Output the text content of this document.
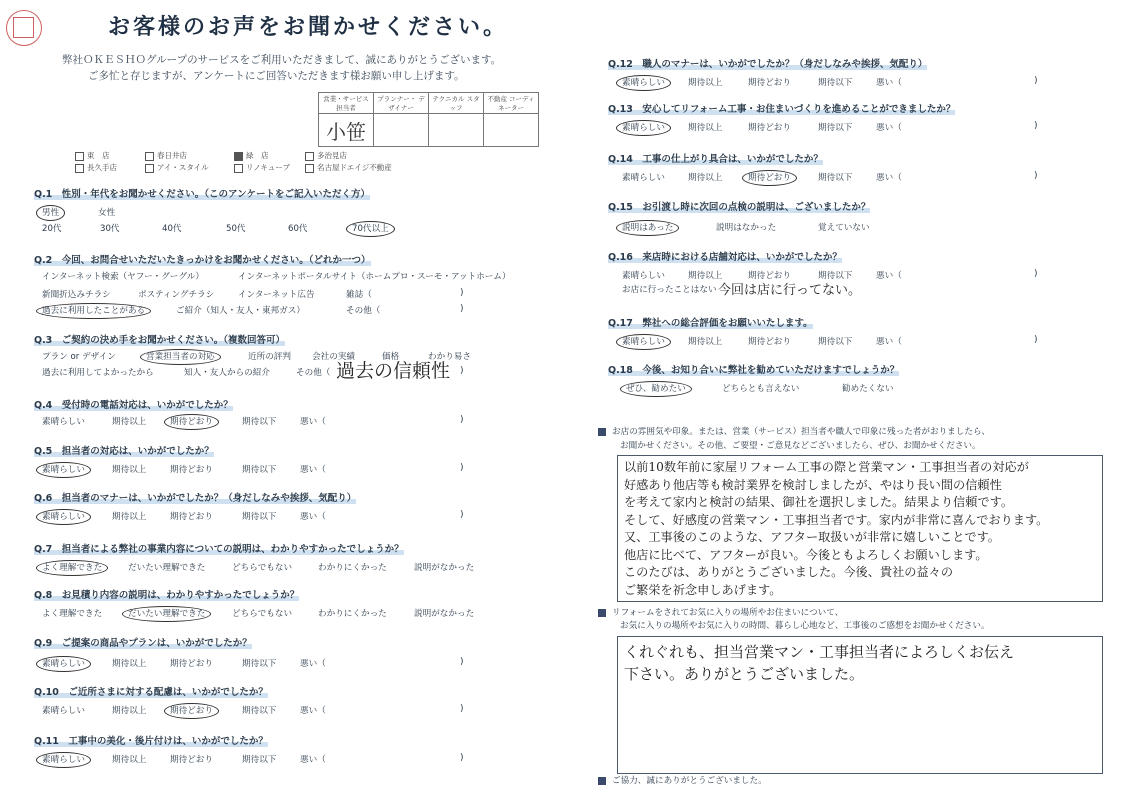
お客様のお声をお聞かせください。
弊社ＯＫＥＳＨＯグループのサービスをご利用いただきまして、誠にありがとうございます。
ご多忙と存じますが、アンケートにご回答いただきます様お願い申し上げます。
営業・サービス 担当者	プランナー・ デザイナー	テクニカル スタッフ	不動産 コーディネーター
小笹			
東　店	春日井店	緑　店	多治見店
長久手店	アイ・スタイル	リノキューブ	名古屋ドエイジ不動産
Q.1　性別・年代をお聞かせください。（このアンケートをご記入いただく方）
男性	女性
20代	30代	40代	50代	60代	70代以上
Q.2　今回、お問合せいただいたきっかけをお聞かせください。（どれか一つ）
インターネット検索（ヤフー・グーグル）	インターネットポータルサイト（ホームプロ・スーモ・アットホーム）
新聞折込みチラシ	ポスティングチラシ	インターネット広告	雑誌（	)
過去に利用したことがある	ご紹介（知人・友人・東邦ガス）	その他（	)
Q.3　ご契約の決め手をお聞かせください。（複数回答可）
プラン or デザイン	営業担当者の対応	近所の評判 会社の実績	価格	わかり易さ
過去に利用してよかったから	知人・友人からの紹介	その他（	)
過去の信頼性
Q.4　受付時の電話対応は、いかがでしたか？
素晴らしい	期待以上	期待どおり	期待以下	悪い（	)
Q.5　担当者の対応は、いかがでしたか？
素晴らしい	期待以上	期待どおり	期待以下	悪い（	)
Q.6　担当者のマナーは、いかがでしたか？（身だしなみや挨拶、気配り）
素晴らしい	期待以上	期待どおり	期待以下	悪い（	)
Q.7　担当者による弊社の事業内容についての説明は、わかりやすかったでしょうか？
よく理解できた	だいたい理解できた	どちらでもない	わかりにくかった	説明がなかった
Q.8　お見積り内容の説明は、わかりやすかったでしょうか？
よく理解できた	だいたい理解できた	どちらでもない	わかりにくかった	説明がなかった
Q.9　ご提案の商品やプランは、いかがでしたか？
素晴らしい	期待以上	期待どおり	期待以下	悪い（	)
Q.10　ご近所さまに対する配慮は、いかがでしたか？
素晴らしい	期待以上	期待どおり	期待以下	悪い（	)
Q.11　工事中の美化・後片付けは、いかがでしたか？
素晴らしい	期待以上	期待どおり	期待以下	悪い（	)
Q.12　職人のマナーは、いかがでしたか？（身だしなみや挨拶、気配り）
素晴らしい	期待以上	期待どおり	期待以下	悪い（	)
Q.13　安心してリフォーム工事・お住まいづくりを進めることができましたか？
素晴らしい	期待以上	期待どおり	期待以下	悪い（	)
Q.14　工事の仕上がり具合は、いかがでしたか？
素晴らしい	期待以上	期待どおり	期待以下	悪い（	)
Q.15　お引渡し時に次回の点検の説明は、ございましたか？
説明はあった	説明はなかった	覚えていない
Q.16　来店時における店舗対応は、いかがでしたか？
素晴らしい	期待以上	期待どおり	期待以下	悪い（	)
お店に行ったことはない 今回は店に行ってない。
Q.17　弊社への総合評価をお願いいたします。
素晴らしい	期待以上	期待どおり	期待以下	悪い（	)
Q.18　今後、お知り合いに弊社を勧めていただけますでしょうか？
ぜひ、勧めたい	どちらとも言えない	勧めたくない
お店の雰囲気や印象。または、営業（サービス）担当者や職人で印象に残った者がおりましたら、
お聞かせください。その他、ご要望・ご意見などございましたら、ぜひ、お聞かせください。
以前10数年前に家屋リフォーム工事の際と営業マン・工事担当者の対応が
好感あり他店等も検討業界を検討しましたが、やはり長い間の信頼性
を考えて家内と検討の結果、御社を選択しました。結果より信頼です。
そして、好感度の営業マン・工事担当者です。家内が非常に喜んでおります。
又、工事後のこのような、アフター取扱いが非常に嬉しいことです。
他店に比べて、アフターが良い。今後ともよろしくお願いします。
このたびは、ありがとうございました。今後、貴社の益々の
ご繁栄を祈念申しあげます。
リフォームをされてお気に入りの場所やお住まいについて、
お気に入りの場所やお気に入りの時間、暮らし心地など、工事後のご感想をお聞かせください。
くれぐれも、担当営業マン・工事担当者によろしくお伝え
下さい。ありがとうございました。
ご協力、誠にありがとうございました。
